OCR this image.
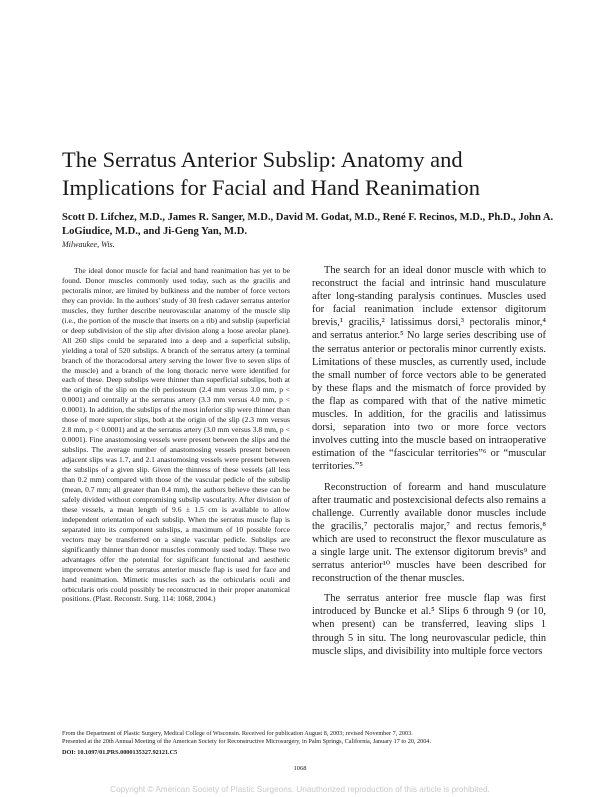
The Serratus Anterior Subslip: Anatomy and Implications for Facial and Hand Reanimation
Scott D. Lifchez, M.D., James R. Sanger, M.D., David M. Godat, M.D., René F. Recinos, M.D., Ph.D., John A. LoGiudice, M.D., and Ji-Geng Yan, M.D.
Milwaukee, Wis.

The ideal donor muscle for facial and hand reanimation has yet to be found. Donor muscles commonly used today, such as the gracilis and pectoralis minor, are limited by bulkiness and the number of force vectors they can provide. In the authors' study of 30 fresh cadaver serratus anterior muscles, they further describe neurovascular anatomy of the muscle slip (i.e., the portion of the muscle that inserts on a rib) and subslip (superficial or deep subdivision of the slip after division along a loose areolar plane). All 260 slips could be separated into a deep and a superficial subslip, yielding a total of 520 subslips. A branch of the serratus artery (a terminal branch of the thoracodorsal artery serving the lower five to seven slips of the muscle) and a branch of the long thoracic nerve were identified for each of these. Deep subslips were thinner than superficial subslips, both at the origin of the slip on the rib periosteum (2.4 mm versus 3.0 mm, p < 0.0001) and centrally at the serratus artery (3.3 mm versus 4.0 mm, p < 0.0001). In addition, the subslips of the most inferior slip were thinner than those of more superior slips, both at the origin of the slip (2.3 mm versus 2.8 mm, p < 0.0001) and at the serratus artery (3.0 mm versus 3.8 mm, p < 0.0001). Fine anastomosing vessels were present between the slips and the subslips. The average number of anastomosing vessels present between adjacent slips was 1.7, and 2.1 anastomosing vessels were present between the subslips of a given slip. Given the thinness of these vessels (all less than 0.2 mm) compared with those of the vascular pedicle of the subslip (mean, 0.7 mm; all greater than 0.4 mm), the authors believe these can be safely divided without compromising subslip vascularity. After division of these vessels, a mean length of 9.6 ± 1.5 cm is available to allow independent orientation of each subslip. When the serratus muscle flap is separated into its component subslips, a maximum of 10 possible force vectors may be transferred on a single vascular pedicle. Subslips are significantly thinner than donor muscles commonly used today. These two advantages offer the potential for significant functional and aesthetic improvement when the serratus anterior muscle flap is used for face and hand reanimation. Mimetic muscles such as the orbicularis oculi and orbicularis oris could possibly be reconstructed in their proper anatomical positions. (Plast. Reconstr. Surg. 114: 1068, 2004.)

The search for an ideal donor muscle with which to reconstruct the facial and intrinsic hand musculature after long-standing paralysis continues. Muscles used for facial reanimation include extensor digitorum brevis,¹ gracilis,² latissimus dorsi,³ pectoralis minor,⁴ and serratus anterior.⁵ No large series describing use of the serratus anterior or pectoralis minor currently exists. Limitations of these muscles, as currently used, include the small number of force vectors able to be generated by these flaps and the mismatch of force provided by the flap as compared with that of the native mimetic muscles. In addition, for the gracilis and latissimus dorsi, separation into two or more force vectors involves cutting into the muscle based on intraoperative estimation of the “fascicular territories”⁶ or “muscular territories.”⁵

Reconstruction of forearm and hand musculature after traumatic and postexcisional defects also remains a challenge. Currently available donor muscles include the gracilis,⁷ pectoralis major,⁷ and rectus femoris,⁸ which are used to reconstruct the flexor musculature as a single large unit. The extensor digitorum brevis⁹ and serratus anterior¹⁰ muscles have been described for reconstruction of the thenar muscles.

The serratus anterior free muscle flap was first introduced by Buncke et al.⁵ Slips 6 through 9 (or 10, when present) can be transferred, leaving slips 1 through 5 in situ. The long neurovascular pedicle, thin muscle slips, and divisibility into multiple force vectors

From the Department of Plastic Surgery, Medical College of Wisconsin. Received for publication August 8, 2003; revised November 7, 2003.
Presented at the 20th Annual Meeting of the American Society for Reconstructive Microsurgery, in Palm Springs, California, January 17 to 20, 2004.
DOI: 10.1097/01.PRS.0000135327.92121.C5
1068
Copyright © American Society of Plastic Surgeons. Unauthorized reproduction of this article is prohibited.
